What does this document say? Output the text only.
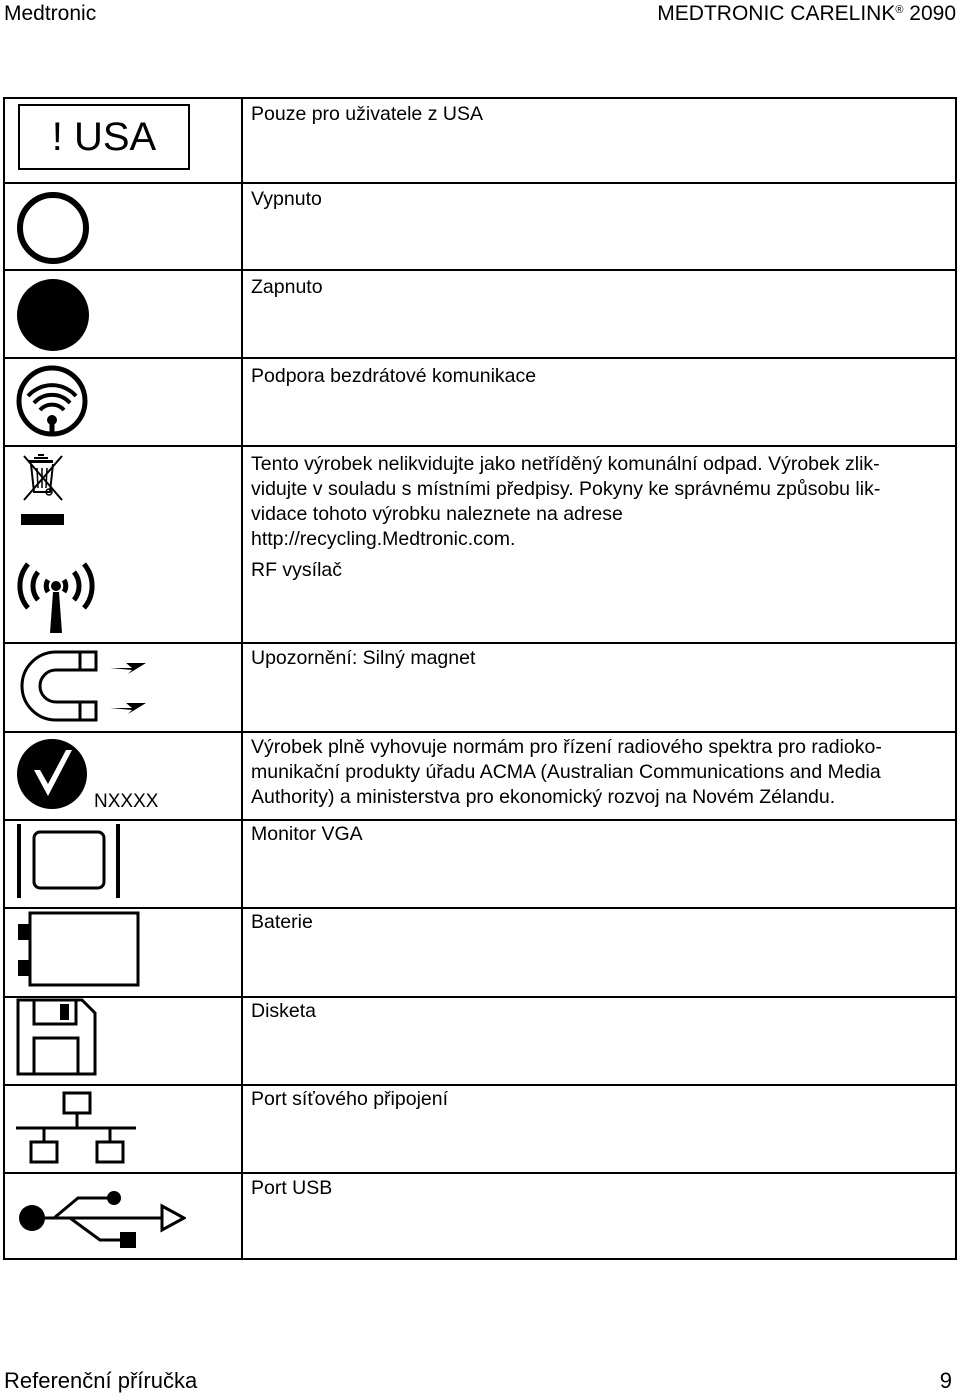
Medtronic	MEDTRONIC CARELINK® 2090
! USA

Pouze pro uživatele z USA

Vypnuto

Zapnuto

Podpora bezdrátové komunikace

Tento výrobek nelikvidujte jako netříděný komunální odpad. Výrobek zlik-
vidujte v souladu s místními předpisy. Pokyny ke správnému způsobu lik-
vidace tohoto výrobku naleznete na adrese
http://recycling.Medtronic.com.

RF vysílač

Upozornění: Silný magnet

NXXXX
Výrobek plně vyhovuje normám pro řízení radiového spektra pro radioko-
munikační produkty úřadu ACMA (Australian Communications and Media
Authority) a ministerstva pro ekonomický rozvoj na Novém Zélandu.

Monitor VGA

Baterie

Disketa

Port síťového připojení

Port USB

Referenční příručka	9
